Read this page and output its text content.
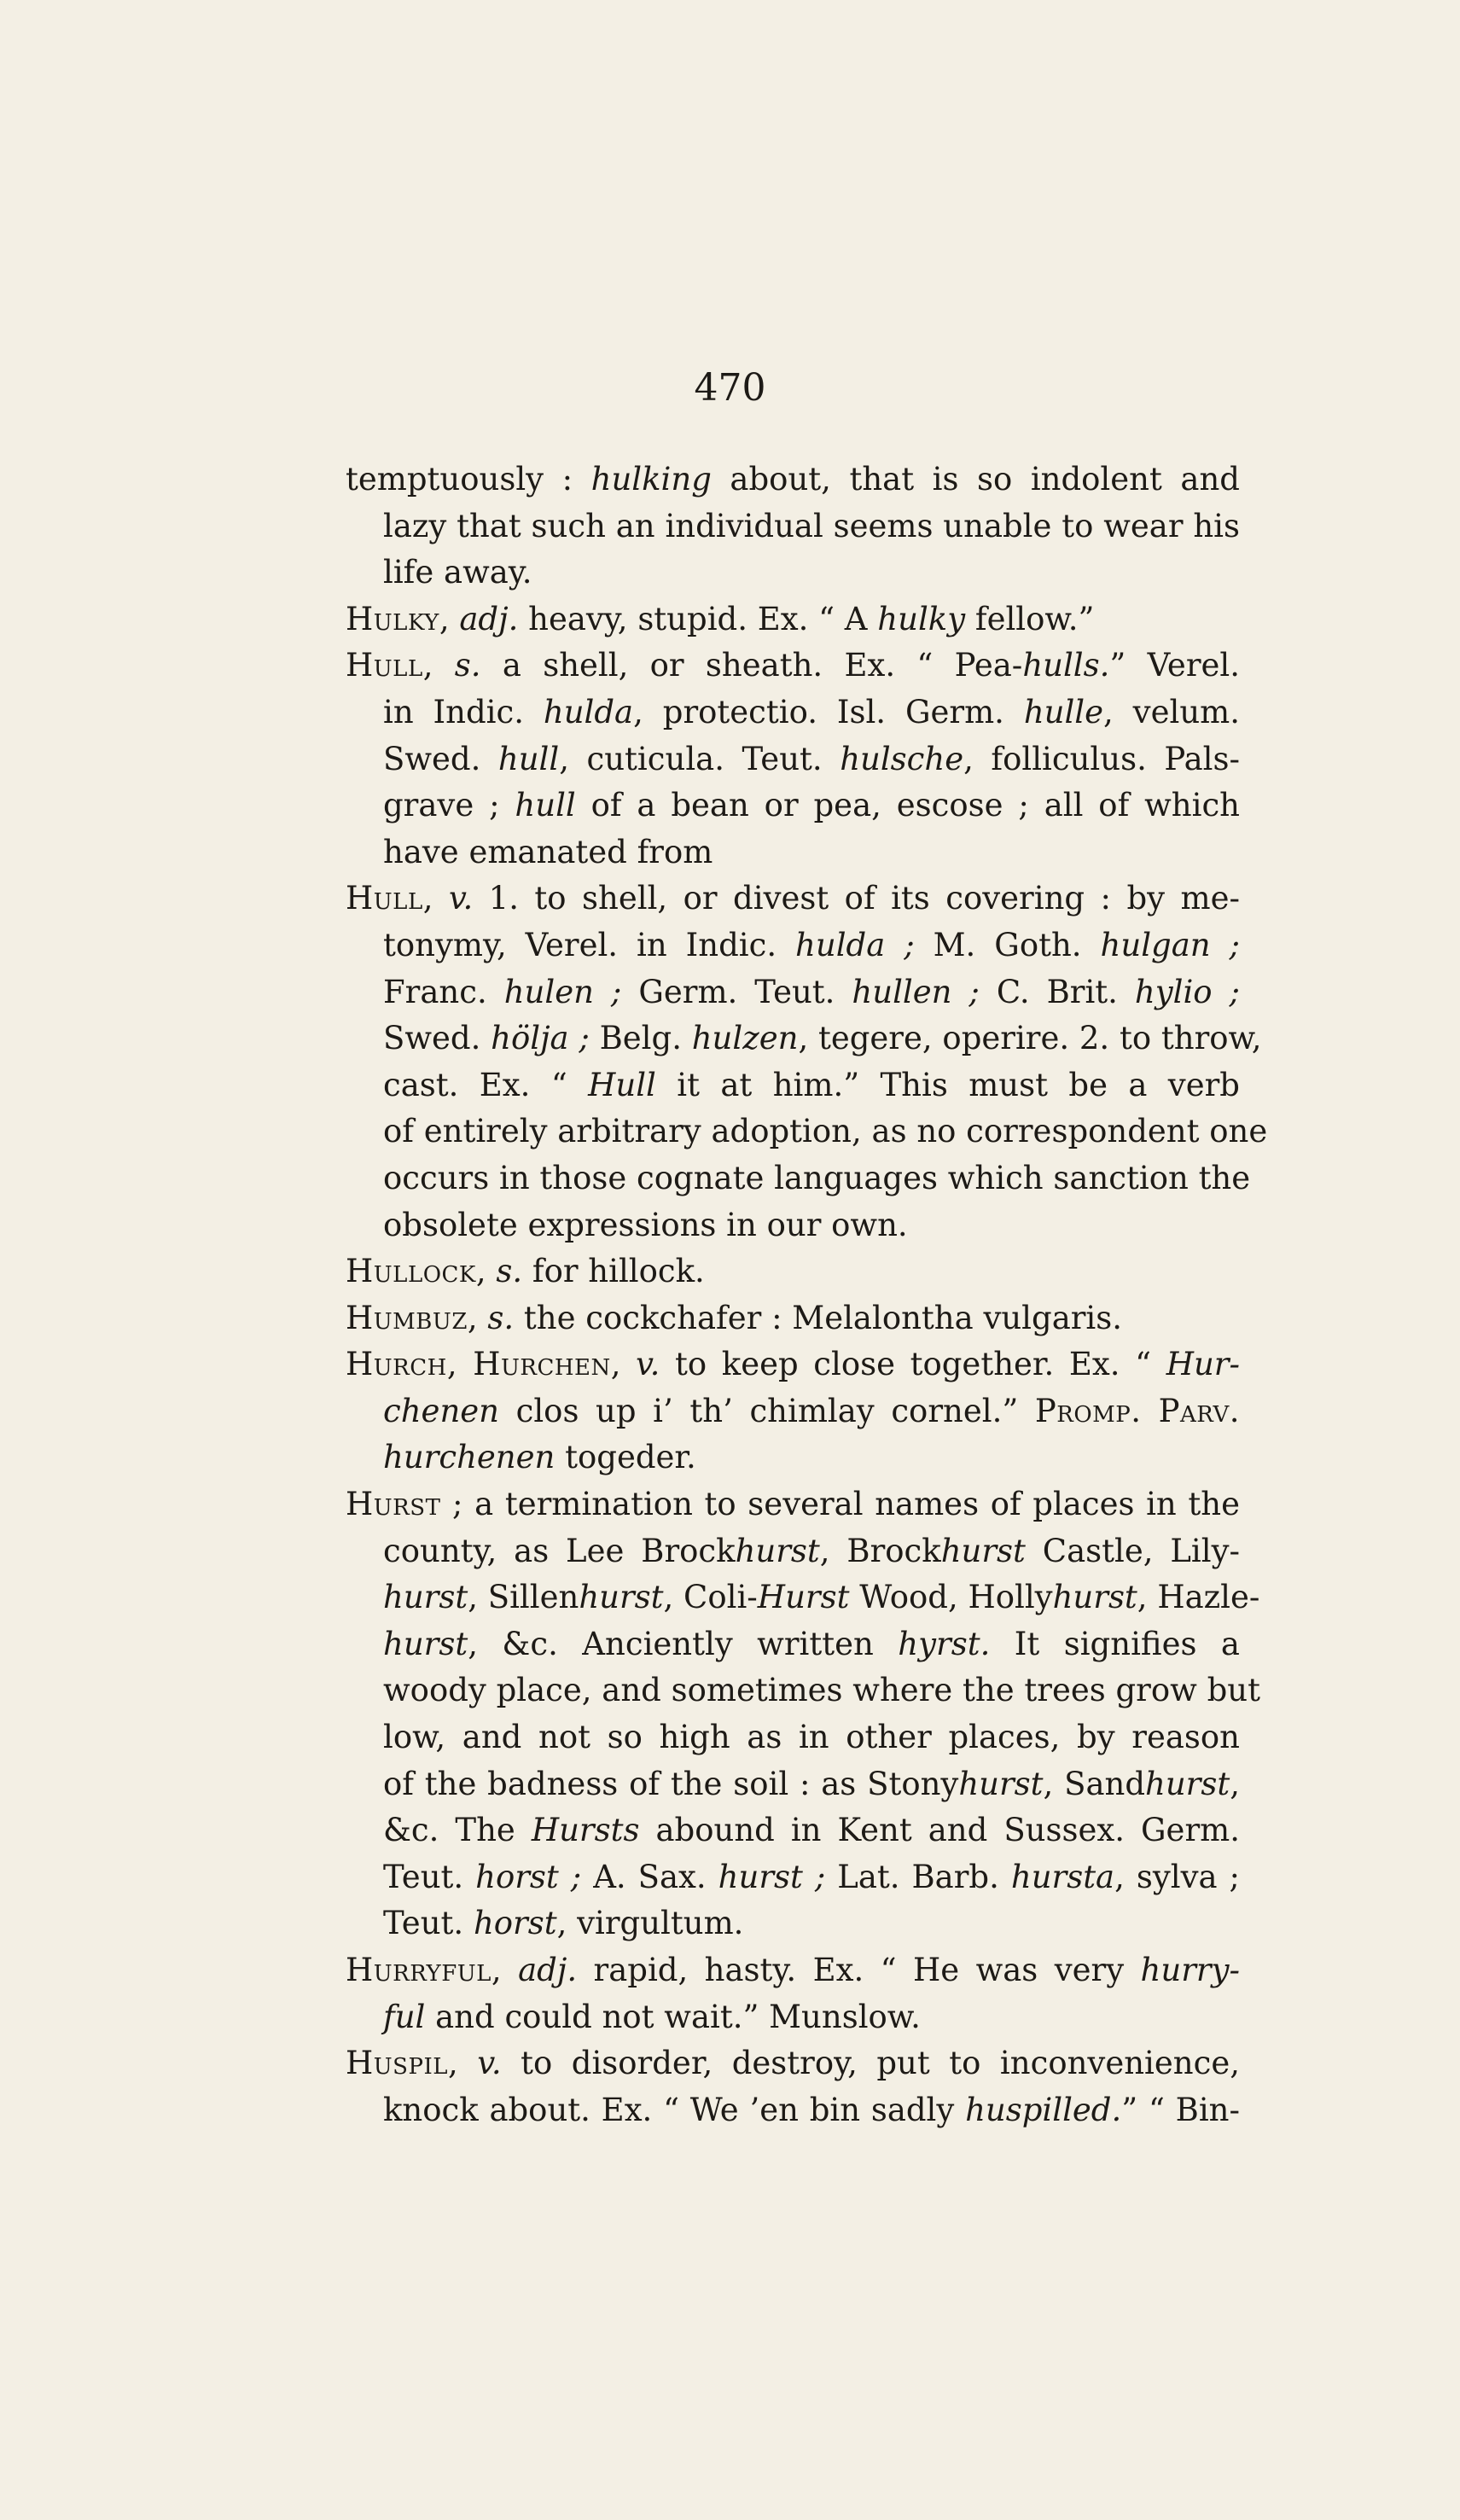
470
temptuously : hulking about, that is so indolent and
lazy that such an individual seems unable to wear his
life away.
Hulky, adj. heavy, stupid. Ex. “ A hulky fellow.”
Hull, s. a shell, or sheath. Ex. “ Pea-hulls.” Verel.
in Indic. hulda, protectio. Isl. Germ. hulle, velum.
Swed. hull, cuticula. Teut. hulsche, folliculus. Pals-
grave ; hull of a bean or pea, escose ; all of which
have emanated from
Hull, v. 1. to shell, or divest of its covering : by me-
tonymy, Verel. in Indic. hulda ; M. Goth. hulgan ;
Franc. hulen ; Germ. Teut. hullen ; C. Brit. hylio ;
Swed. hölja ; Belg. hulzen, tegere, operire. 2. to throw,
cast. Ex. “ Hull it at him.” This must be a verb
of entirely arbitrary adoption, as no correspondent one
occurs in those cognate languages which sanction the
obsolete expressions in our own.
Hullock, s. for hillock.
Humbuz, s. the cockchafer : Melalontha vulgaris.
Hurch, Hurchen, v. to keep close together. Ex. “ Hur-
chenen clos up i’ th’ chimlay cornel.” Promp. Parv.
hurchenen togeder.
Hurst ; a termination to several names of places in the
county, as Lee Brockhurst, Brockhurst Castle, Lily-
hurst, Sillenhurst, Coli-Hurst Wood, Hollyhurst, Hazle-
hurst, &c. Anciently written hyrst. It signifies a
woody place, and sometimes where the trees grow but
low, and not so high as in other places, by reason
of the badness of the soil : as Stonyhurst, Sandhurst,
&c. The Hursts abound in Kent and Sussex. Germ.
Teut. horst ; A. Sax. hurst ; Lat. Barb. hursta, sylva ;
Teut. horst, virgultum.
Hurryful, adj. rapid, hasty. Ex. “ He was very hurry-
ful and could not wait.” Munslow.
Huspil, v. to disorder, destroy, put to inconvenience,
knock about. Ex. “ We ’en bin sadly huspilled.” “ Bin-
